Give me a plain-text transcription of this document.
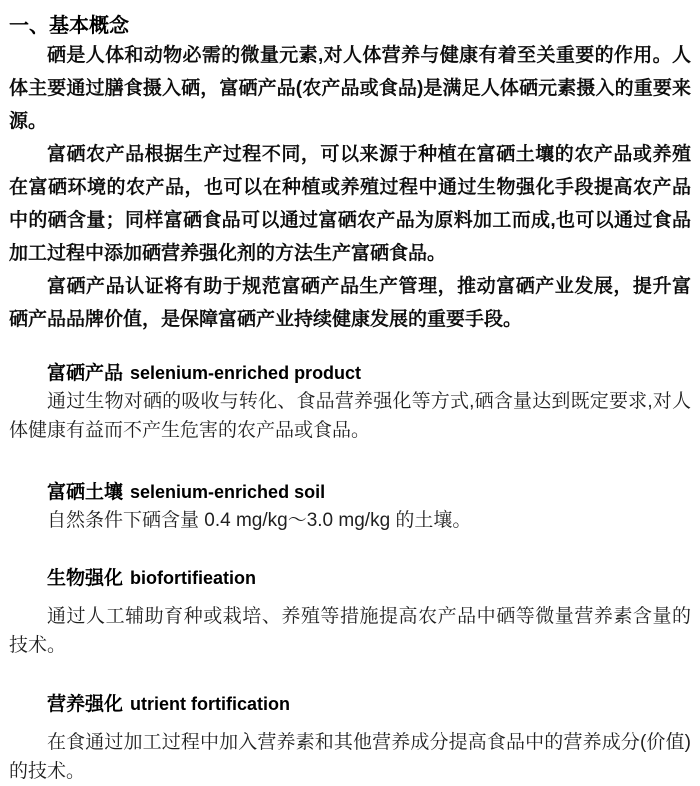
一、基本概念

硒是人体和动物必需的微量元素,对人体营养与健康有着至关重要的作用。人体主要通过膳食摄入硒，富硒产品(农产品或食品)是满足人体硒元素摄入的重要来源。

富硒农产品根据生产过程不同，可以来源于种植在富硒土壤的农产品或养殖在富硒环境的农产品，也可以在种植或养殖过程中通过生物强化手段提高农产品中的硒含量；同样富硒食品可以通过富硒农产品为原料加工而成,也可以通过食品加工过程中添加硒营养强化剂的方法生产富硒食品。

富硒产品认证将有助于规范富硒产品生产管理，推动富硒产业发展，提升富硒产品品牌价值，是保障富硒产业持续健康发展的重要手段。

富硒产品 selenium-enriched product

通过生物对硒的吸收与转化、食品营养强化等方式,硒含量达到既定要求,对人体健康有益而不产生危害的农产品或食品。

富硒土壤 selenium-enriched soil

自然条件下硒含量 0.4 mg/kg～3.0 mg/kg 的土壤。

生物强化 biofortifieation

通过人工辅助育种或栽培、养殖等措施提高农产品中硒等微量营养素含量的技术。

营养强化 utrient fortification

在食通过加工过程中加入营养素和其他营养成分提高食品中的营养成分(价值)的技术。
